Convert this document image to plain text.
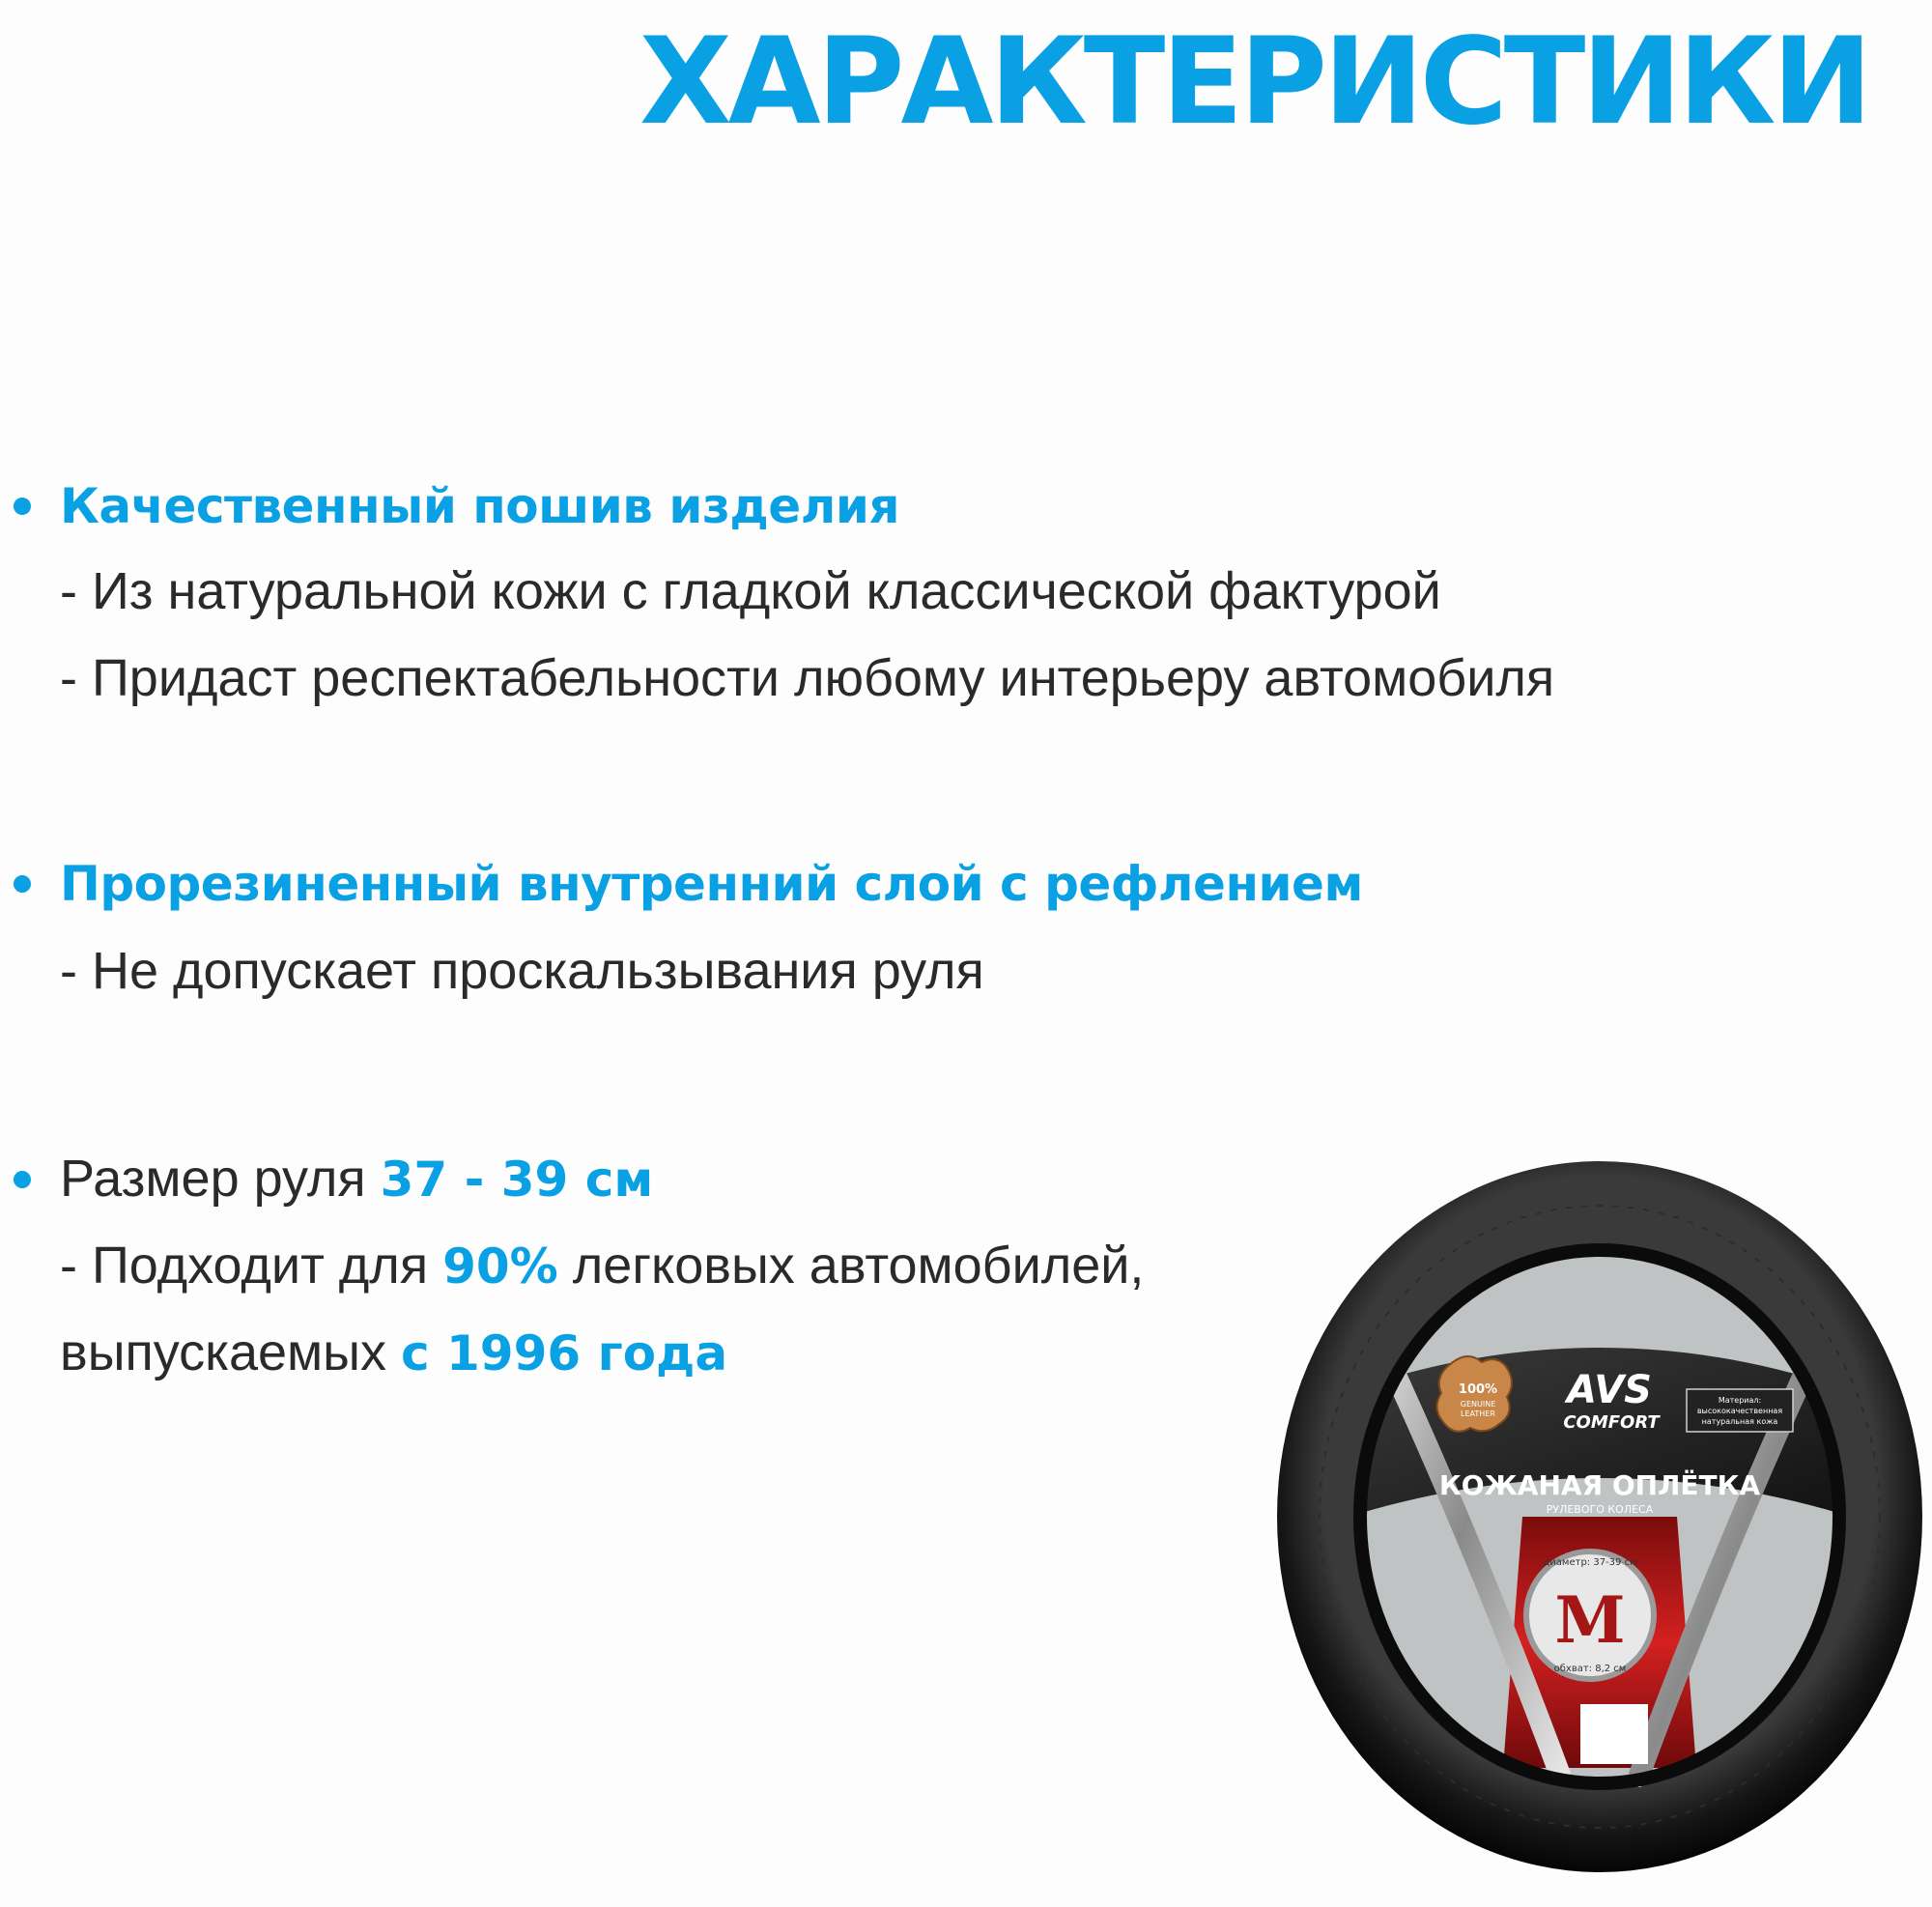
ХАРАКТЕРИСТИКИ
Качественный пошив изделия
- Из натуральной кожи с гладкой классической фактурой
- Придаст респектабельности любому интерьеру автомобиля
Прорезиненный внутренний слой с рефлением
- Не допускает проскальзывания руля
Размер руля 37 - 39 см
- Подходит для 90% легковых автомобилей,
выпускаемых с 1996 года
100%
GENUINE
LEATHER
AVS
COMFORT
Материал:
высококачественная
натуральная кожа
КОЖАНАЯ ОПЛЁТКА
РУЛЕВОГО КОЛЕСА
диаметр: 37-39 см
M
обхват: 8,2 см
www.avs-auto.ru
